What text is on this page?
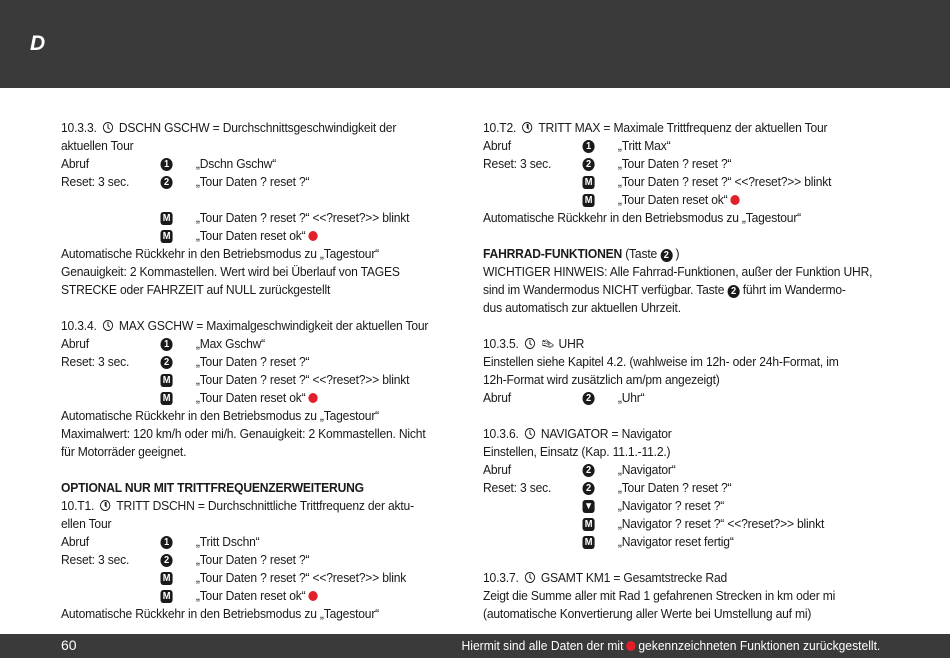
D
10.3.3. DSCHN GSCHW = Durchschnittsgeschwindigkeit der
aktuellen Tour
Abruf	1 „Dschn Gschw“
Reset: 3 sec.	2 „Tour Daten ? reset ?“
M „Tour Daten ? reset ?“ <<?reset?>> blinkt
M „Tour Daten reset ok“
Automatische Rückkehr in den Betriebsmodus zu „Tagestour“
Genauigkeit: 2 Kommastellen. Wert wird bei Überlauf von TAGES
STRECKE oder FAHRZEIT auf NULL zurückgestellt
10.3.4. MAX GSCHW = Maximalgeschwindigkeit der aktuellen Tour
Abruf	1 „Max Gschw“
Reset: 3 sec.	2 „Tour Daten ? reset ?“
M „Tour Daten ? reset ?“ <<?reset?>> blinkt
M „Tour Daten reset ok“
Automatische Rückkehr in den Betriebsmodus zu „Tagestour“
Maximalwert: 120 km/h oder mi/h. Genauigkeit: 2 Kommastellen. Nicht
für Motorräder geeignet.
OPTIONAL NUR MIT TRITTFREQUENZERWEITERUNG
10.T1. TRITT DSCHN = Durchschnittliche Trittfrequenz der aktu-
ellen Tour
Abruf	1 „Tritt Dschn“
Reset: 3 sec.	2 „Tour Daten ? reset ?“
M „Tour Daten ? reset ?“ <<?reset?>> blink
M „Tour Daten reset ok“
Automatische Rückkehr in den Betriebsmodus zu „Tagestour“
10.T2. TRITT MAX = Maximale Trittfrequenz der aktuellen Tour
Abruf	1 „Tritt Max“
Reset: 3 sec.	2 „Tour Daten ? reset ?“
M „Tour Daten ? reset ?“ <<?reset?>> blinkt
M „Tour Daten reset ok“
Automatische Rückkehr in den Betriebsmodus zu „Tagestour“
FAHRRAD-FUNKTIONEN (Taste 2 )
WICHTIGER HINWEIS: Alle Fahrrad-Funktionen, außer der Funktion UHR,
sind im Wandermodus NICHT verfügbar. Taste 2 führt im Wandermo-
dus automatisch zur aktuellen Uhrzeit.
10.3.5. 👟︎ UHR
Einstellen siehe Kapitel 4.2. (wahlweise im 12h- oder 24h-Format, im
12h-Format wird zusätzlich am/pm angezeigt)
Abruf	2 „Uhr“
10.3.6. NAVIGATOR = Navigator
Einstellen, Einsatz (Kap. 11.1.-11.2.)
Abruf	2 „Navigator“
Reset: 3 sec.	2 „Tour Daten ? reset ?“
▼ „Navigator ? reset ?“
M „Navigator ? reset ?“ <<?reset?>> blinkt
M „Navigator reset fertig“
10.3.7. GSAMT KM1 = Gesamtstrecke Rad
Zeigt die Summe aller mit Rad 1 gefahrenen Strecken in km oder mi
(automatische Konvertierung aller Werte bei Umstellung auf mi)
60	Hiermit sind alle Daten der mit gekennzeichneten Funktionen zurückgestellt.
